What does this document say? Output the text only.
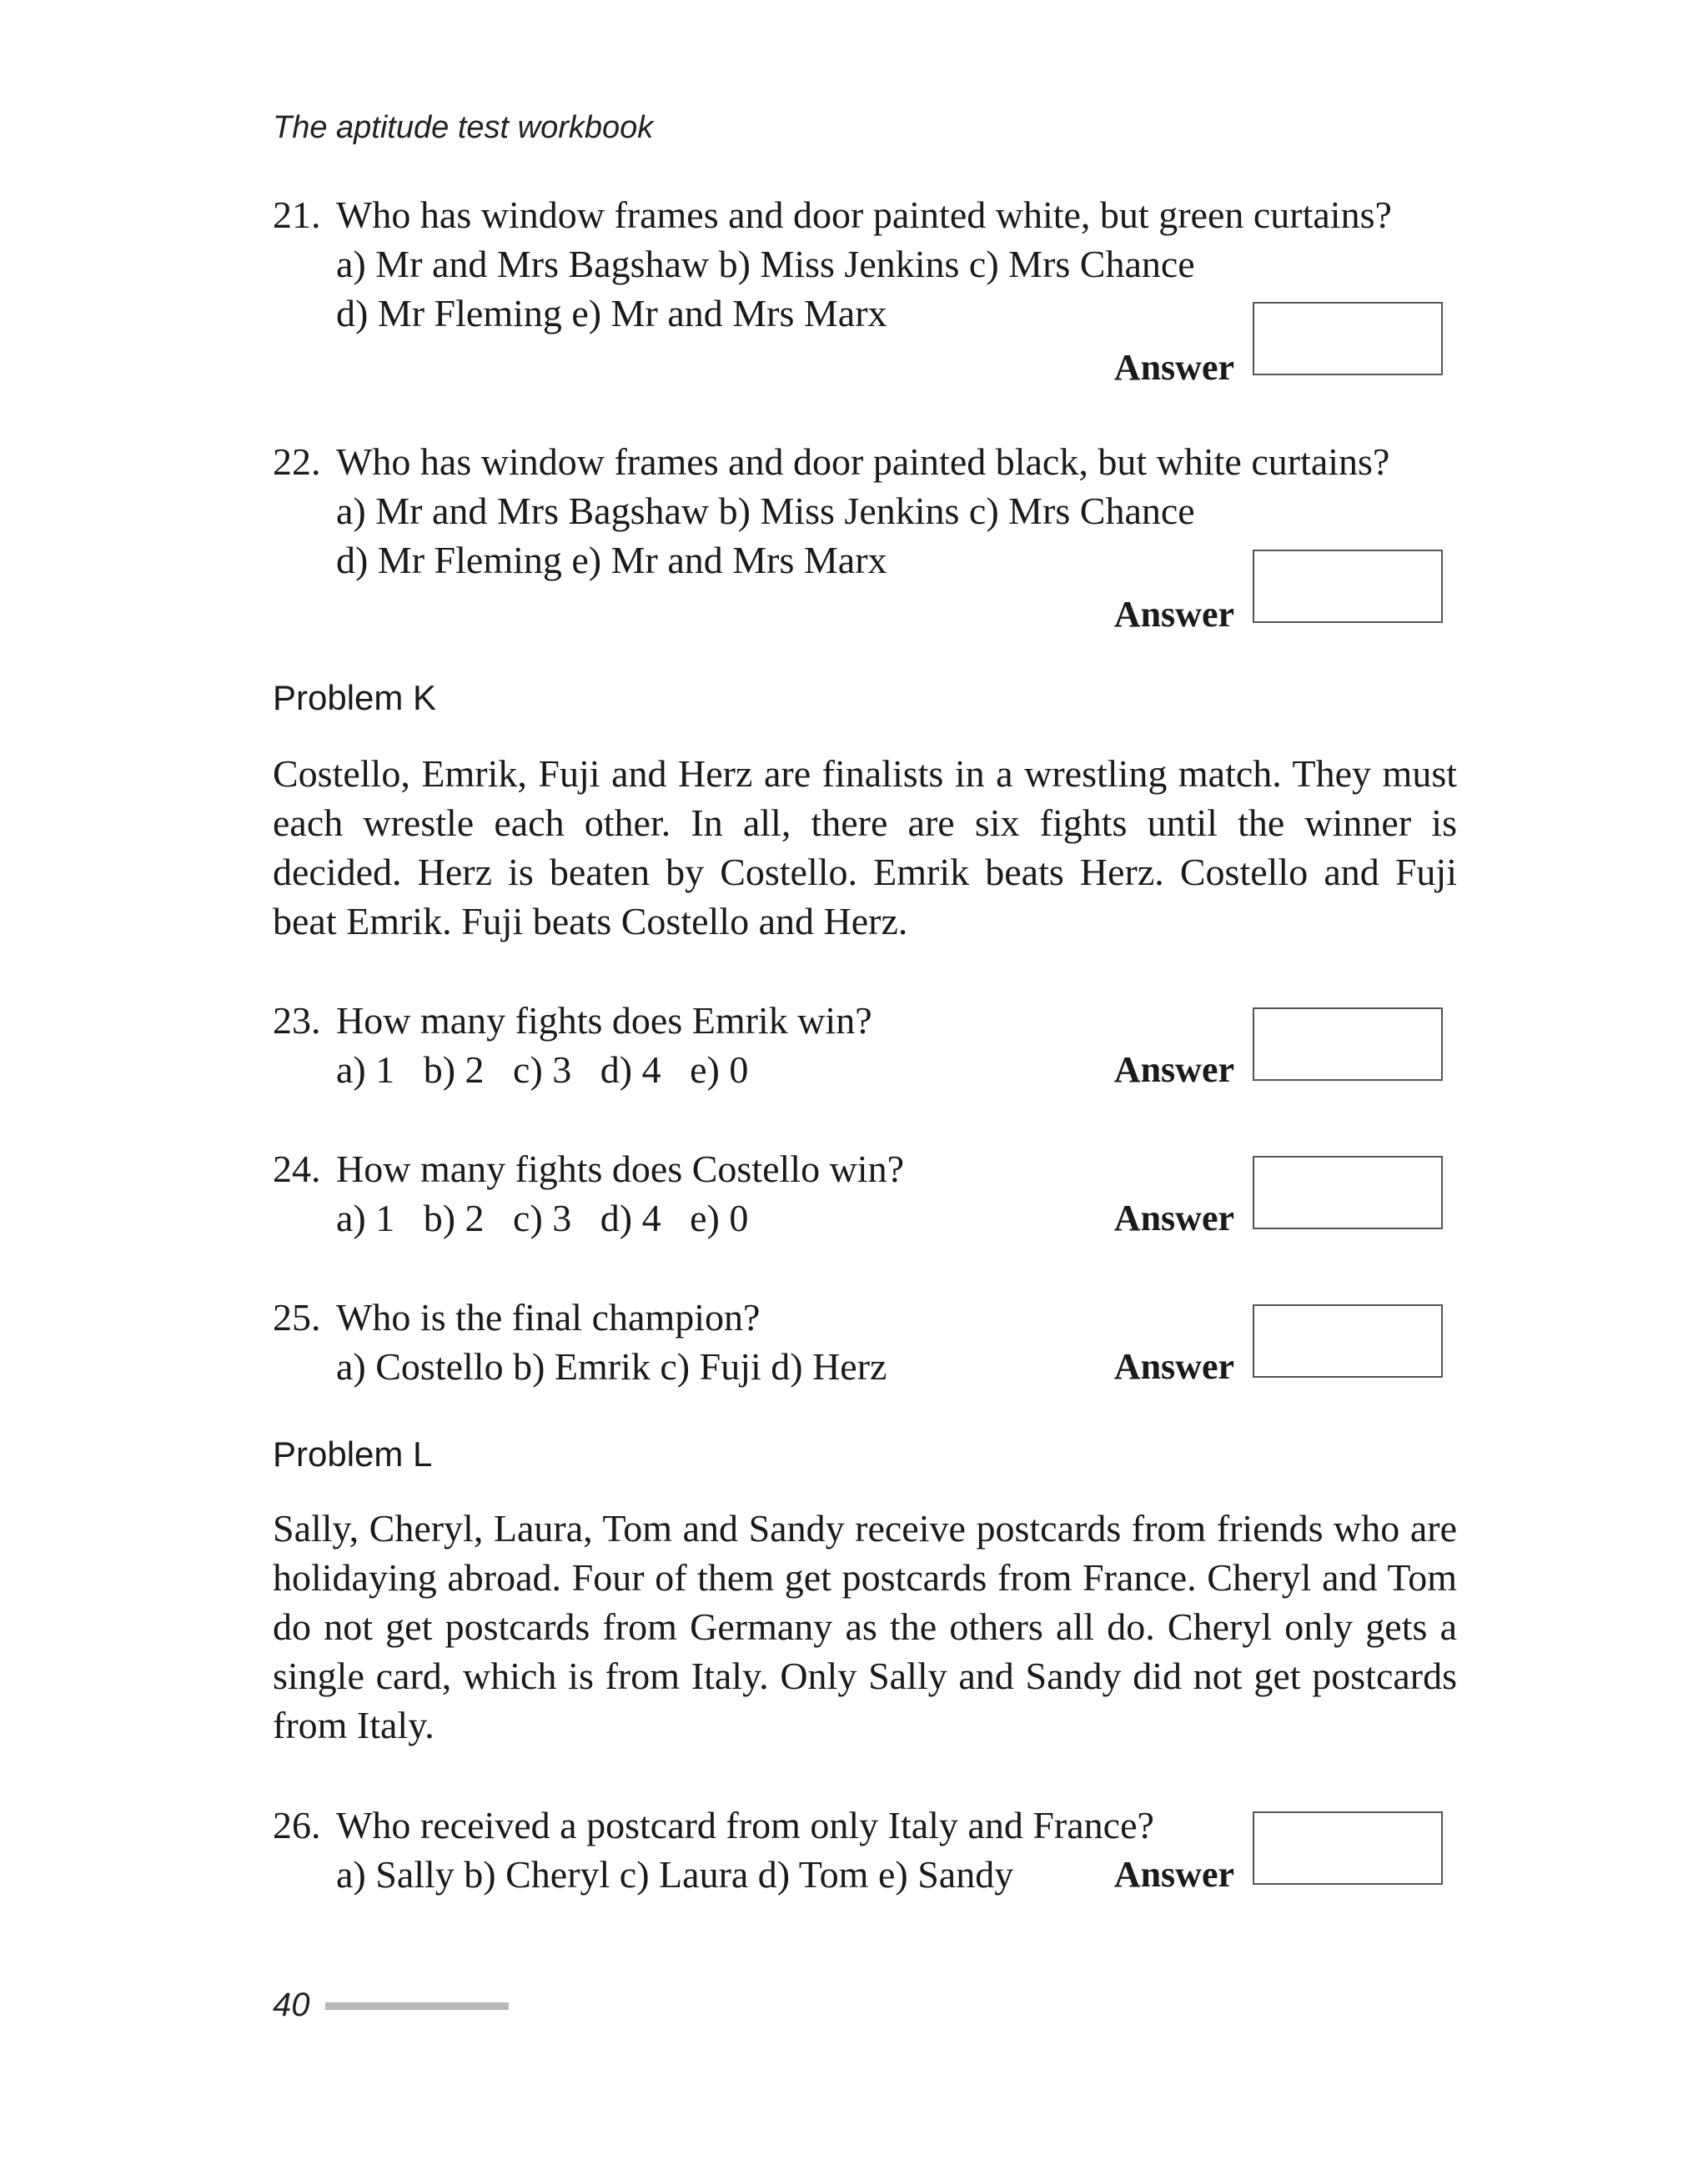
The aptitude test workbook
21. Who has window frames and door painted white, but green curtains?
a) Mr and Mrs Bagshaw b) Miss Jenkins c) Mrs Chance
d) Mr Fleming e) Mr and Mrs Marx
Answer
22. Who has window frames and door painted black, but white curtains?
a) Mr and Mrs Bagshaw b) Miss Jenkins c) Mrs Chance
d) Mr Fleming e) Mr and Mrs Marx
Answer
Problem K
Costello, Emrik, Fuji and Herz are finalists in a wrestling match. They must each wrestle each other. In all, there are six fights until the winner is decided. Herz is beaten by Costello. Emrik beats Herz. Costello and Fuji beat Emrik. Fuji beats Costello and Herz.
23. How many fights does Emrik win?
a) 1   b) 2   c) 3   d) 4   e) 0	Answer
24. How many fights does Costello win?
a) 1   b) 2   c) 3   d) 4   e) 0	Answer
25. Who is the final champion?
a) Costello b) Emrik c) Fuji d) Herz	Answer
Problem L
Sally, Cheryl, Laura, Tom and Sandy receive postcards from friends who are holidaying abroad. Four of them get postcards from France. Cheryl and Tom do not get postcards from Germany as the others all do. Cheryl only gets a single card, which is from Italy. Only Sally and Sandy did not get postcards from Italy.
26. Who received a postcard from only Italy and France?
a) Sally b) Cheryl c) Laura d) Tom e) Sandy	Answer
40
